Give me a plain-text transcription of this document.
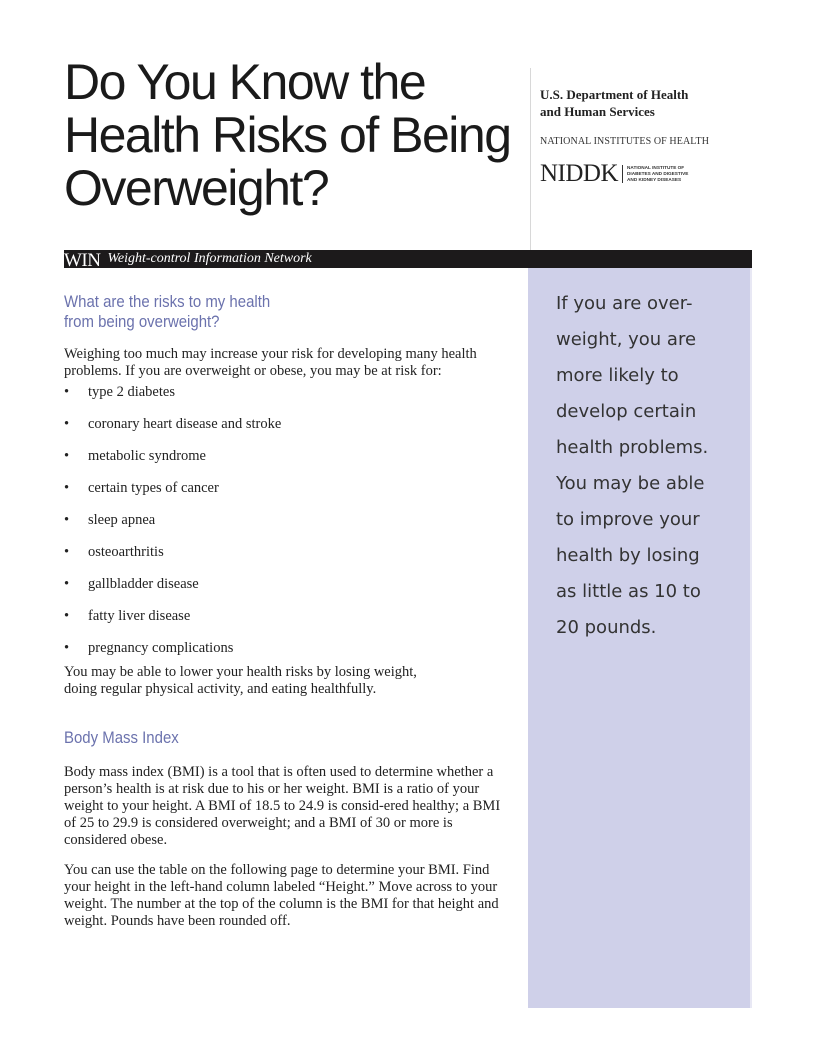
Do You Know the Health Risks of Being Overweight?
U.S. Department of Health
and Human Services
NATIONAL INSTITUTES OF HEALTH
NIDDK NATIONAL INSTITUTE OF
DIABETES AND DIGESTIVE
AND KIDNEY DISEASES
WIN Weight-control Information Network
If you are over-
weight, you are
more likely to
develop certain
health problems.
You may be able
to improve your
health by losing
as little as 10 to
20 pounds.
What are the risks to my health
from being overweight?

Weighing too much may increase your risk for developing many health problems. If you are overweight or obese, you may be at risk for:

• type 2 diabetes
• coronary heart disease and stroke
• metabolic syndrome
• certain types of cancer
• sleep apnea
• osteoarthritis
• gallbladder disease
• fatty liver disease
• pregnancy complications

You may be able to lower your health risks by losing weight,
doing regular physical activity, and eating healthfully.

Body Mass Index

Body mass index (BMI) is a tool that is often used to determine whether a person’s health is at risk due to his or her weight. BMI is a ratio of your weight to your height. A BMI of 18.5 to 24.9 is consid-ered healthy; a BMI of 25 to 29.9 is considered overweight; and a BMI of 30 or more is considered obese.

You can use the table on the following page to determine your BMI. Find your height in the left-hand column labeled “Height.” Move across to your weight. The number at the top of the column is the BMI for that height and weight. Pounds have been rounded off.
